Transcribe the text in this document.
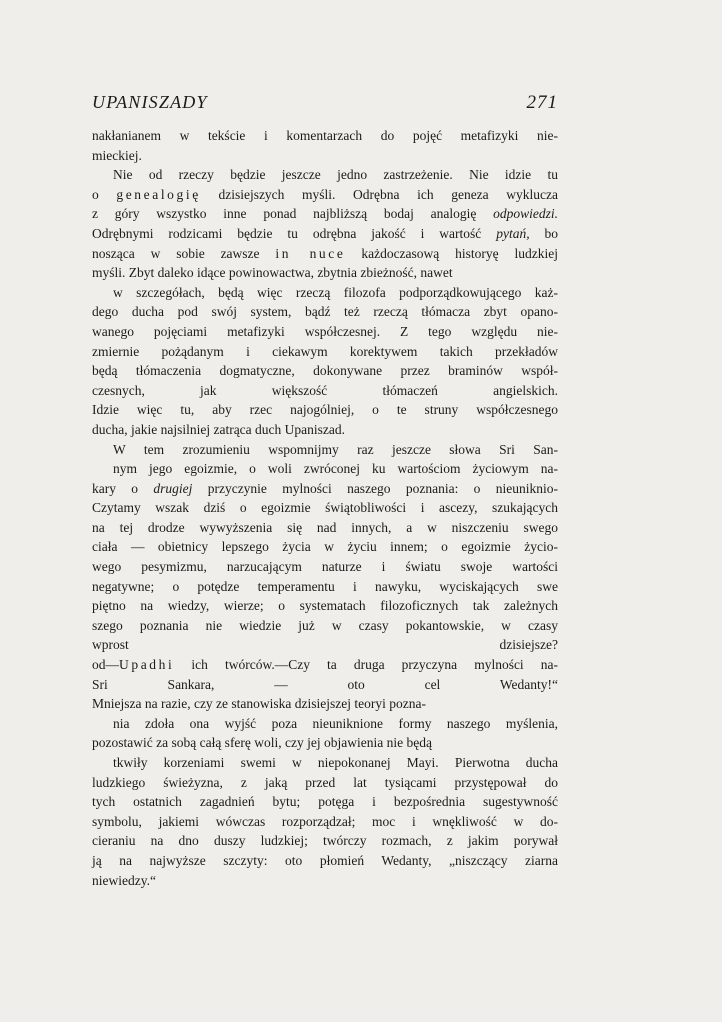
UPANISZADY	271
nakłanianem w tekście i komentarzach do pojęć metafizyki nie-
mieckiej.
Nie od rzeczy będzie jeszcze jedno zastrzeżenie. Nie idzie tu
o genealogię dzisiejszych myśli. Odrębna ich geneza wyklucza
z góry wszystko inne ponad najbliższą bodaj analogię odpowiedzi.
Odrębnymi rodzicami będzie tu odrębna jakość i wartość pytań, bo
nosząca w sobie zawsze in nuce każdoczasową historyę ludzkiej
myśli. Zbyt daleko idące powinowactwa, zbytnia zbieżność, nawet
w szczegółach, będą więc rzeczą filozofa podporządkowującego każ-
dego ducha pod swój system, bądź też rzeczą tłómacza zbyt opano-
wanego pojęciami metafizyki współczesnej. Z tego względu nie-
zmiernie pożądanym i ciekawym korektywem takich przekładów
będą tłómaczenia dogmatyczne, dokonywane przez braminów współ-
czesnych, jak większość tłómaczeń angielskich.
Idzie więc tu, aby rzec najogólniej, o te struny współczesnego
ducha, jakie najsilniej zatrąca duch Upaniszad.
W tem zrozumieniu wspomnijmy raz jeszcze słowa Sri San-
nym jego egoizmie, o woli zwróconej ku wartościom życiowym na-
kary o drugiej przyczynie mylności naszego poznania: o nieuniknio-
Czytamy wszak dziś o egoizmie świątobliwości i ascezy, szukających
na tej drodze wywyższenia się nad innych, a w niszczeniu swego
ciała — obietnicy lepszego życia w życiu innem; o egoizmie życio-
wego pesymizmu, narzucającym naturze i światu swoje wartości
negatywne; o potędze temperamentu i nawyku, wyciskających swe
piętno na wiedzy, wierze; o systematach filozoficznych tak zależnych
szego poznania nie wiedzie już w czasy pokantowskie, w czasy
wprost dzisiejsze?
od—Upadhi ich twórców.—Czy ta druga przyczyna mylności na-
Sri Sankara, — oto cel Wedanty!“
Mniejsza na razie, czy ze stanowiska dzisiejszej teoryi pozna-
nia zdoła ona wyjść poza nieuniknione formy naszego myślenia,
pozostawić za sobą całą sferę woli, czy jej objawienia nie będą
tkwiły korzeniami swemi w niepokonanej Mayi. Pierwotna ducha
ludzkiego świeżyzna, z jaką przed lat tysiącami przystępował do
tych ostatnich zagadnień bytu; potęga i bezpośrednia sugestywność
symbolu, jakiemi wówczas rozporządzał; moc i wnękliwość w do-
cieraniu na dno duszy ludzkiej; twórczy rozmach, z jakim porywał
ją na najwyższe szczyty: oto płomień Wedanty, „niszczący ziarna
niewiedzy.“
